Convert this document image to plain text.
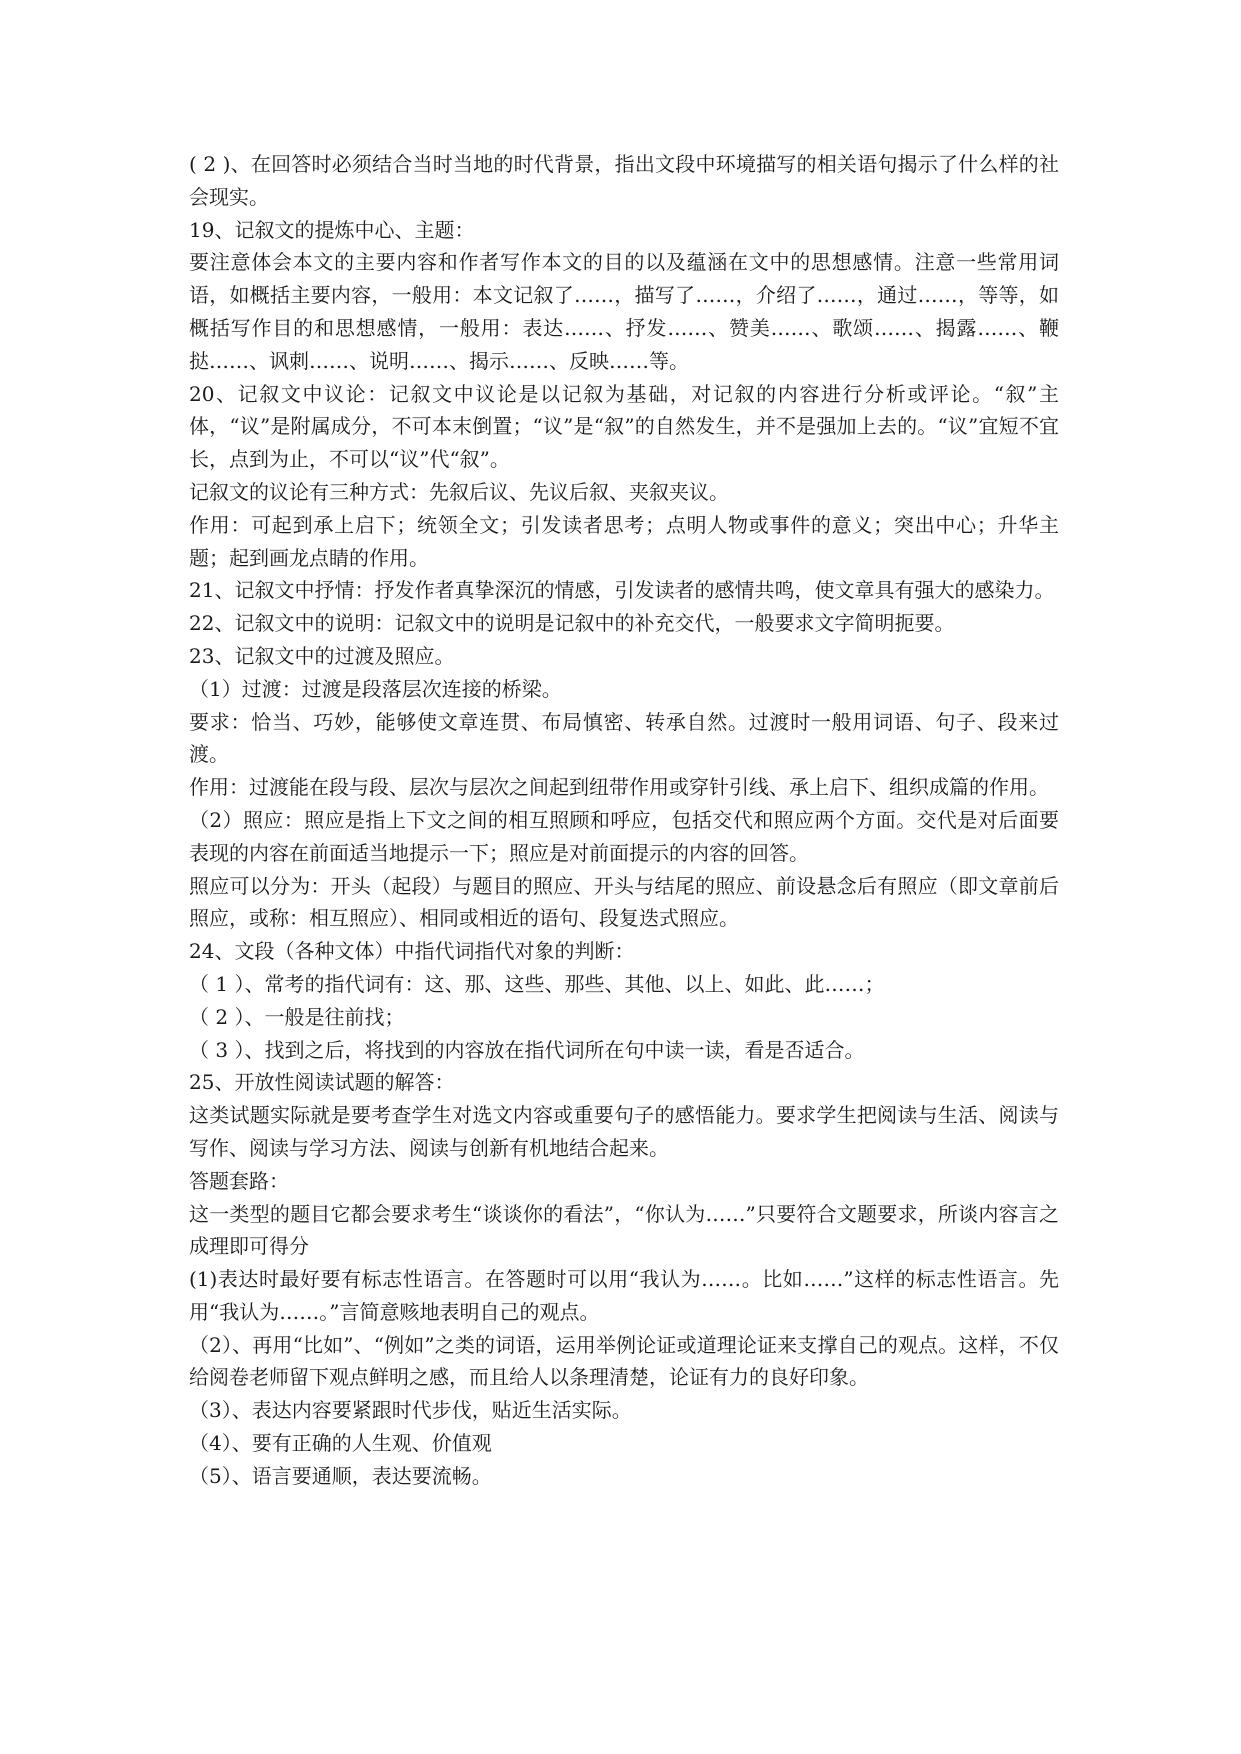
( 2 )、在回答时必须结合当时当地的时代背景，指出文段中环境描写的相关语句揭示了什么样的社会现实。

19、记叙文的提炼中心、主题：

要注意体会本文的主要内容和作者写作本文的目的以及蕴涵在文中的思想感情。注意一些常用词语，如概括主要内容，一般用：本文记叙了……，描写了……，介绍了……，通过……，等等，如概括写作目的和思想感情，一般用：表达……、抒发……、赞美……、歌颂……、揭露……、鞭挞……、讽刺……、说明……、揭示……、反映……等。

20、记叙文中议论：记叙文中议论是以记叙为基础，对记叙的内容进行分析或评论。“叙”主体，“议”是附属成分，不可本末倒置；“议”是“叙”的自然发生，并不是强加上去的。“议”宜短不宜长，点到为止，不可以“议”代“叙”。

记叙文的议论有三种方式：先叙后议、先议后叙、夹叙夹议。

作用：可起到承上启下；统领全文；引发读者思考；点明人物或事件的意义；突出中心；升华主题；起到画龙点睛的作用。

21、记叙文中抒情：抒发作者真挚深沉的情感，引发读者的感情共鸣，使文章具有强大的感染力。

22、记叙文中的说明：记叙文中的说明是记叙中的补充交代，一般要求文字简明扼要。

23、记叙文中的过渡及照应。

（1）过渡：过渡是段落层次连接的桥梁。

要求：恰当、巧妙，能够使文章连贯、布局慎密、转承自然。过渡时一般用词语、句子、段来过渡。

作用：过渡能在段与段、层次与层次之间起到纽带作用或穿针引线、承上启下、组织成篇的作用。

（2）照应：照应是指上下文之间的相互照顾和呼应，包括交代和照应两个方面。交代是对后面要表现的内容在前面适当地提示一下；照应是对前面提示的内容的回答。

照应可以分为：开头（起段）与题目的照应、开头与结尾的照应、前设悬念后有照应（即文章前后照应，或称：相互照应）、相同或相近的语句、段复迭式照应。

24、文段（各种文体）中指代词指代对象的判断：

（ 1 ）、常考的指代词有：这、那、这些、那些、其他、以上、如此、此……；

（ 2 ）、一般是往前找；

（ 3 ）、找到之后，将找到的内容放在指代词所在句中读一读，看是否适合。

25、开放性阅读试题的解答：

这类试题实际就是要考查学生对选文内容或重要句子的感悟能力。要求学生把阅读与生活、阅读与写作、阅读与学习方法、阅读与创新有机地结合起来。

答题套路：

这一类型的题目它都会要求考生“谈谈你的看法”，“你认为……”只要符合文题要求，所谈内容言之成理即可得分

(1)表达时最好要有标志性语言。在答题时可以用“我认为……。比如……”这样的标志性语言。先用“我认为……。”言简意赅地表明自己的观点。

（2）、再用“比如”、“例如”之类的词语，运用举例论证或道理论证来支撑自己的观点。这样，不仅给阅卷老师留下观点鲜明之感，而且给人以条理清楚，论证有力的良好印象。

（3）、表达内容要紧跟时代步伐，贴近生活实际。

（4）、要有正确的人生观、价值观

（5）、语言要通顺，表达要流畅。
